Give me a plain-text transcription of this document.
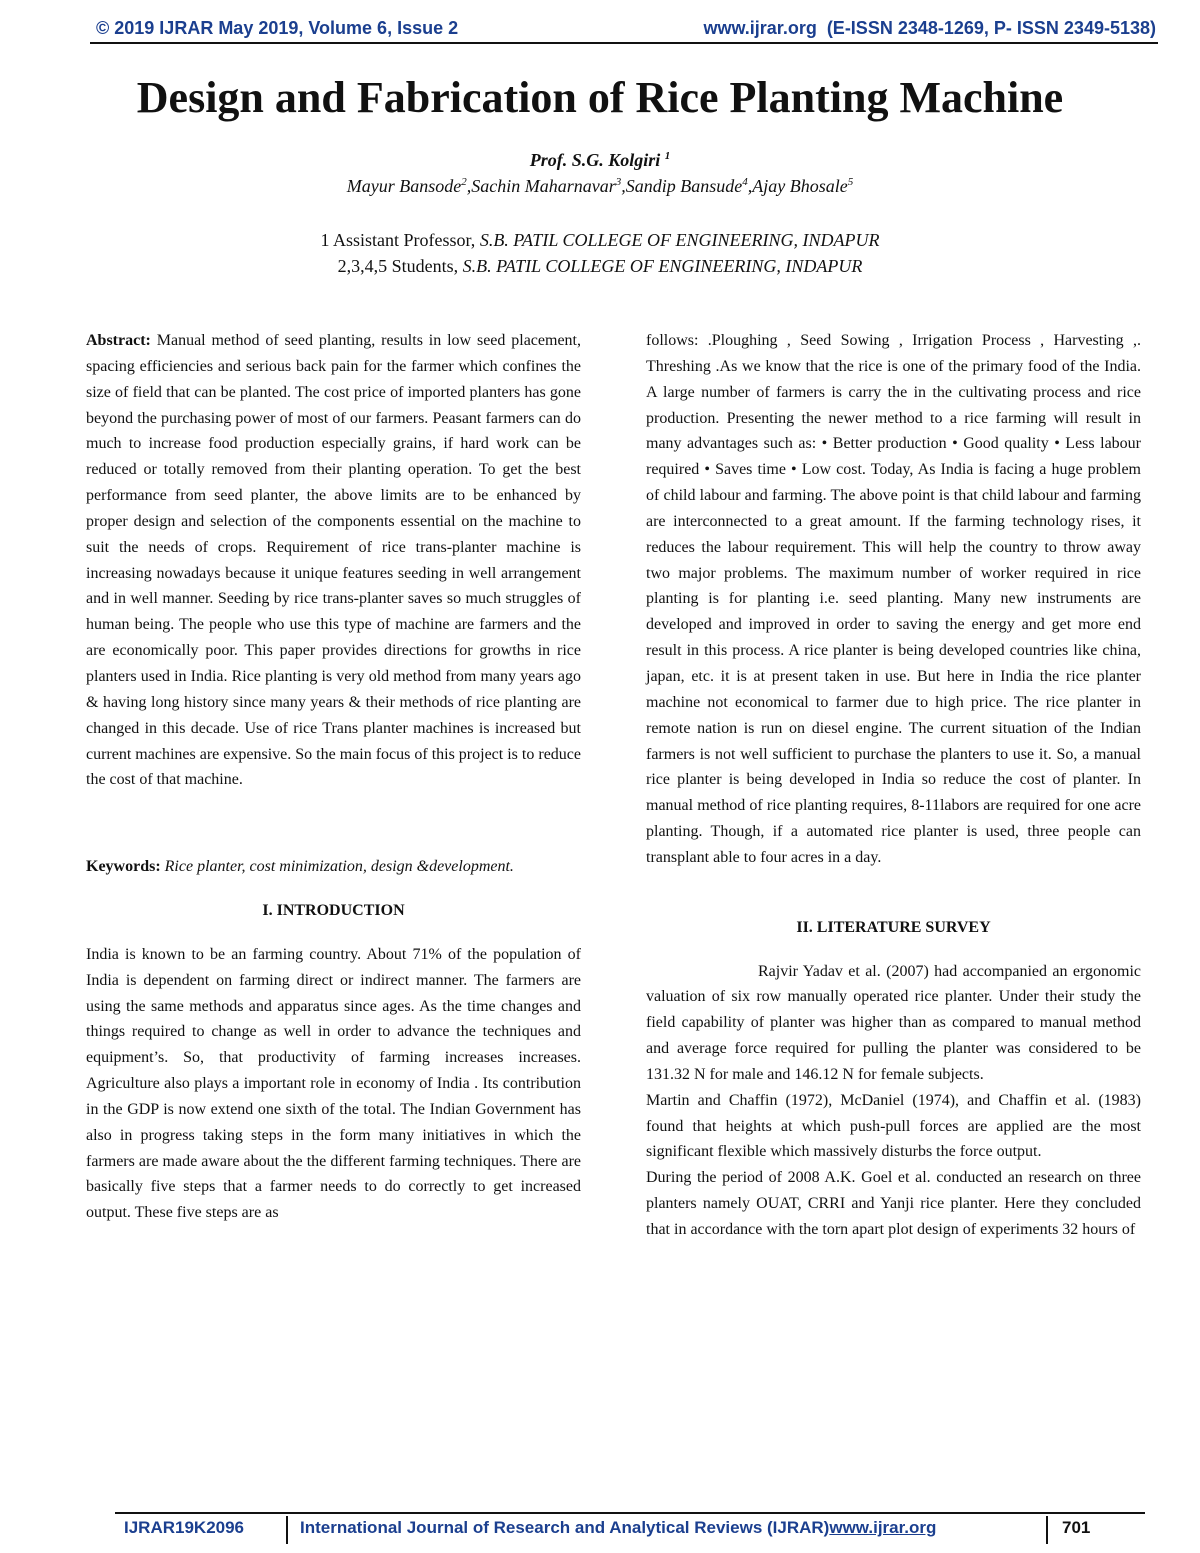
© 2019 IJRAR May 2019, Volume 6, Issue 2	www.ijrar.org  (E-ISSN 2348-1269, P- ISSN 2349-5138)
Design and Fabrication of Rice Planting Machine
Prof. S.G. Kolgiri $^1$
Mayur Bansode$^2$,Sachin Maharnavar$^3$,Sandip Bansude$^4$,Ajay Bhosale$^5$
1 Assistant Professor, S.B. PATIL COLLEGE OF ENGINEERING, INDAPUR
2,3,4,5 Students, S.B. PATIL COLLEGE OF ENGINEERING, INDAPUR

Abstract: Manual method of seed planting, results in low seed placement, spacing efficiencies and serious back pain for the farmer which confines the size of field that can be planted. The cost price of imported planters has gone beyond the purchasing power of most of our farmers. Peasant farmers can do much to increase food production especially grains, if hard work can be reduced or totally removed from their planting operation. To get the best performance from seed planter, the above limits are to be enhanced by proper design and selection of the components essential on the machine to suit the needs of crops. Requirement of rice trans-planter machine is increasing nowadays because it unique features seeding in well arrangement and in well manner. Seeding by rice trans-planter saves so much struggles of human being. The people who use this type of machine are farmers and the are economically poor. This paper provides directions for growths in rice planters used in India. Rice planting is very old method from many years ago & having long history since many years & their methods of rice planting are changed in this decade. Use of rice Trans planter machines is increased but current machines are expensive. So the main focus of this project is to reduce the cost of that machine.

Keywords: Rice planter, cost minimization, design &development.

I. INTRODUCTION

India is known to be an farming country. About 71% of the population of India is dependent on farming direct or indirect manner. The farmers are using the same methods and apparatus since ages. As the time changes and things required to change as well in order to advance the techniques and equipment’s. So, that productivity of farming increases increases. Agriculture also plays a important role in economy of India . Its contribution in the GDP is now extend one sixth of the total. The Indian Government has also in progress taking steps in the form many initiatives in which the farmers are made aware about the the different farming techniques. There are basically five steps that a farmer needs to do correctly to get increased output. These five steps are as

follows: .Ploughing , Seed Sowing , Irrigation Process , Harvesting ,. Threshing .As we know that the rice is one of the primary food of the India. A large number of farmers is carry the in the cultivating process and rice production. Presenting the newer method to a rice farming will result in many advantages such as: • Better production • Good quality • Less labour required • Saves time • Low cost. Today, As India is facing a huge problem of child labour and farming. The above point is that child labour and farming are interconnected to a great amount. If the farming technology rises, it reduces the labour requirement. This will help the country to throw away two major problems. The maximum number of worker required in rice planting is for planting i.e. seed planting. Many new instruments are developed and improved in order to saving the energy and get more end result in this process. A rice planter is being developed countries like china, japan, etc. it is at present taken in use. But here in India the rice planter machine not economical to farmer due to high price. The rice planter in remote nation is run on diesel engine. The current situation of the Indian farmers is not well sufficient to purchase the planters to use it. So, a manual rice planter is being developed in India so reduce the cost of planter. In manual method of rice planting requires, 8-11labors are required for one acre planting. Though, if a automated rice planter is used, three people can transplant able to four acres in a day.

II. LITERATURE SURVEY

Rajvir Yadav et al. (2007) had accompanied an ergonomic valuation of six row manually operated rice planter. Under their study the field capability of planter was higher than as compared to manual method and average force required for pulling the planter was considered to be 131.32 N for male and 146.12 N for female subjects.

Martin and Chaffin (1972), McDaniel (1974), and Chaffin et al. (1983) found that heights at which push-pull forces are applied are the most significant flexible which massively disturbs the force output.

During the period of 2008 A.K. Goel et al. conducted an research on three planters namely OUAT, CRRI and Yanji rice planter. Here they concluded that in accordance with the torn apart plot design of experiments 32 hours of

IJRAR19K2096	International Journal of Research and Analytical Reviews (IJRAR)www.ijrar.org	701
